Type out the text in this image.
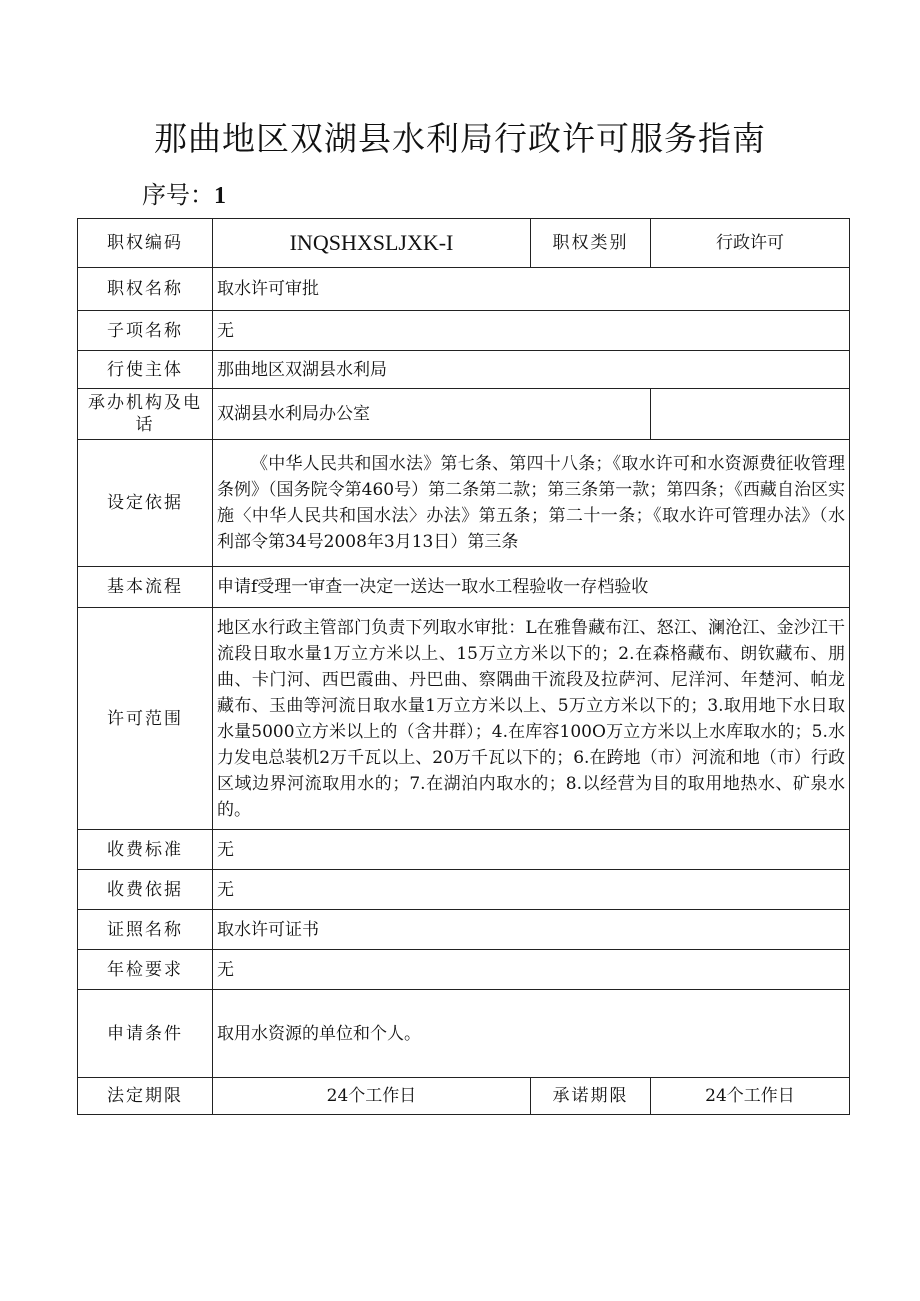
那曲地区双湖县水利局行政许可服务指南
序号：1
职权编码	INQSHXSLJXK-I	职权类别	行政许可
职权名称	取水许可审批		
子项名称	无		
行使主体	那曲地区双湖县水利局		
承办机构及电话	双湖县水利局办公室		
设定依据	《中华人民共和国水法》第七条、第四十八条；《取水许可和水资源费征收管理条例》（国务院令第460号）第二条第二款；第三条第一款；第四条；《西藏自治区实施〈中华人民共和国水法〉办法》第五条；第二十一条；《取水许可管理办法》（水利部令第34号2008年3月13日）第三条		
基本流程	申请f受理一审查一决定一送达一取水工程验收一存档验收		
许可范围	地区水行政主管部门负责下列取水审批：L在雅鲁藏布江、怒江、澜沧江、金沙江干流段日取水量1万立方米以上、15万立方米以下的；2.在森格藏布、朗钦藏布、朋曲、卡门河、西巴霞曲、丹巴曲、察隅曲干流段及拉萨河、尼洋河、年楚河、帕龙藏布、玉曲等河流日取水量1万立方米以上、5万立方米以下的；3.取用地下水日取水量5000立方米以上的（含井群）；4.在库容100O万立方米以上水库取水的；5.水力发电总装机2万千瓦以上、20万千瓦以下的；6.在跨地（市）河流和地（市）行政区域边界河流取用水的；7.在湖泊内取水的；8.以经营为目的取用地热水、矿泉水的。		
收费标准	无		
收费依据	无		
证照名称	取水许可证书		
年检要求	无		
申请条件	取用水资源的单位和个人。		
法定期限	24个工作日	承诺期限	24个工作日
